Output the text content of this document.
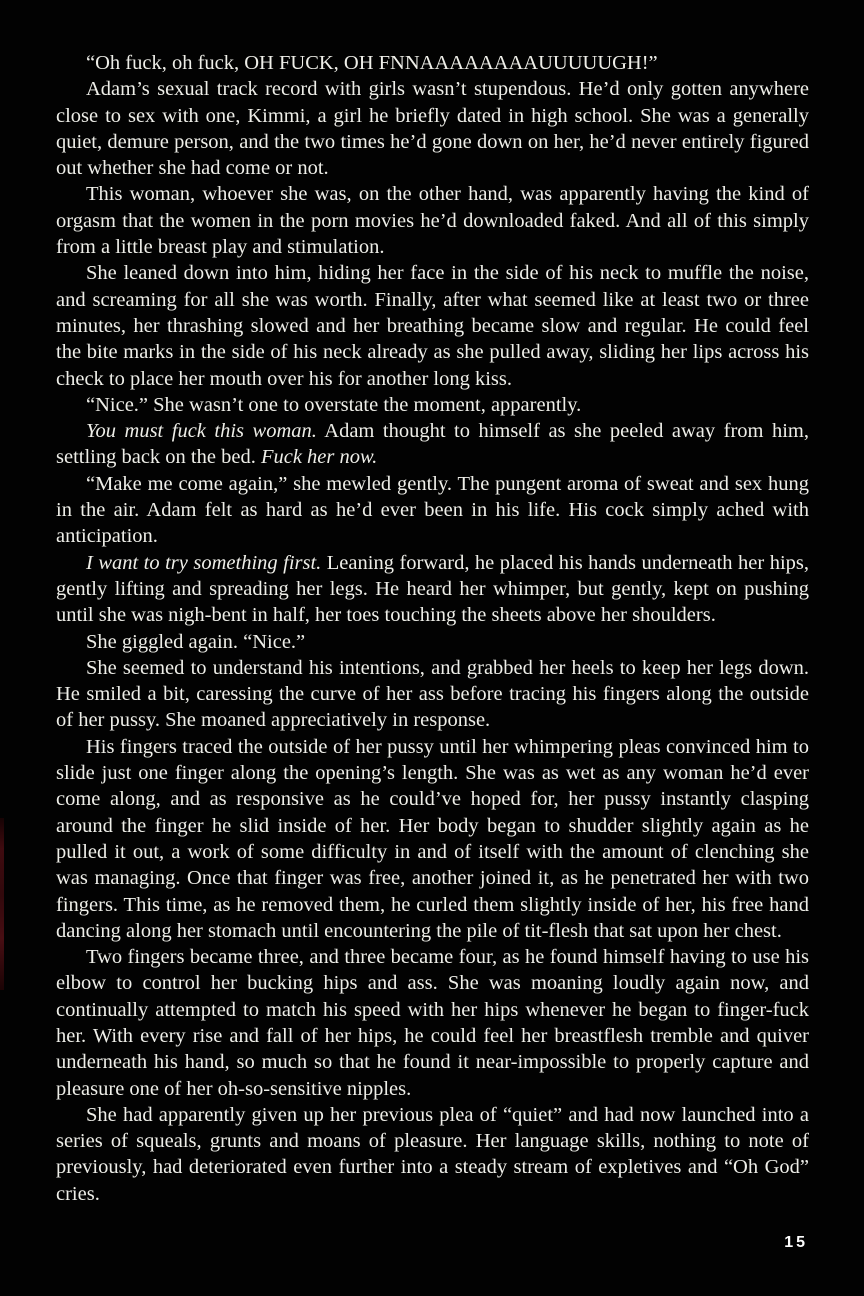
“Oh fuck, oh fuck, OH FUCK, OH FNNAAAAAAAAUUUUUGH!”

Adam’s sexual track record with girls wasn’t stupendous. He’d only gotten anywhere close to sex with one, Kimmi, a girl he briefly dated in high school. She was a generally quiet, demure person, and the two times he’d gone down on her, he’d never entirely figured out whether she had come or not.

This woman, whoever she was, on the other hand, was apparently having the kind of orgasm that the women in the porn movies he’d downloaded faked. And all of this simply from a little breast play and stimulation.

She leaned down into him, hiding her face in the side of his neck to muffle the noise, and screaming for all she was worth. Finally, after what seemed like at least two or three minutes, her thrashing slowed and her breathing became slow and regular. He could feel the bite marks in the side of his neck already as she pulled away, sliding her lips across his check to place her mouth over his for another long kiss.

“Nice.” She wasn’t one to overstate the moment, apparently.

You must fuck this woman. Adam thought to himself as she peeled away from him, settling back on the bed. Fuck her now.

“Make me come again,” she mewled gently. The pungent aroma of sweat and sex hung in the air. Adam felt as hard as he’d ever been in his life. His cock simply ached with anticipation.

I want to try something first. Leaning forward, he placed his hands underneath her hips, gently lifting and spreading her legs. He heard her whimper, but gently, kept on pushing until she was nigh-bent in half, her toes touching the sheets above her shoulders.

She giggled again. “Nice.”

She seemed to understand his intentions, and grabbed her heels to keep her legs down. He smiled a bit, caressing the curve of her ass before tracing his fingers along the outside of her pussy. She moaned appreciatively in response.

His fingers traced the outside of her pussy until her whimpering pleas convinced him to slide just one finger along the opening’s length. She was as wet as any woman he’d ever come along, and as responsive as he could’ve hoped for, her pussy instantly clasping around the finger he slid inside of her. Her body began to shudder slightly again as he pulled it out, a work of some difficulty in and of itself with the amount of clenching she was managing. Once that finger was free, another joined it, as he penetrated her with two fingers. This time, as he removed them, he curled them slightly inside of her, his free hand dancing along her stomach until encountering the pile of tit-flesh that sat upon her chest.

Two fingers became three, and three became four, as he found himself having to use his elbow to control her bucking hips and ass. She was moaning loudly again now, and continually attempted to match his speed with her hips whenever he began to finger-fuck her. With every rise and fall of her hips, he could feel her breastflesh tremble and quiver underneath his hand, so much so that he found it near-impossible to properly capture and pleasure one of her oh-so-sensitive nipples.

She had apparently given up her previous plea of “quiet” and had now launched into a series of squeals, grunts and moans of pleasure. Her language skills, nothing to note of previously, had deteriorated even further into a steady stream of expletives and “Oh God” cries.

15
